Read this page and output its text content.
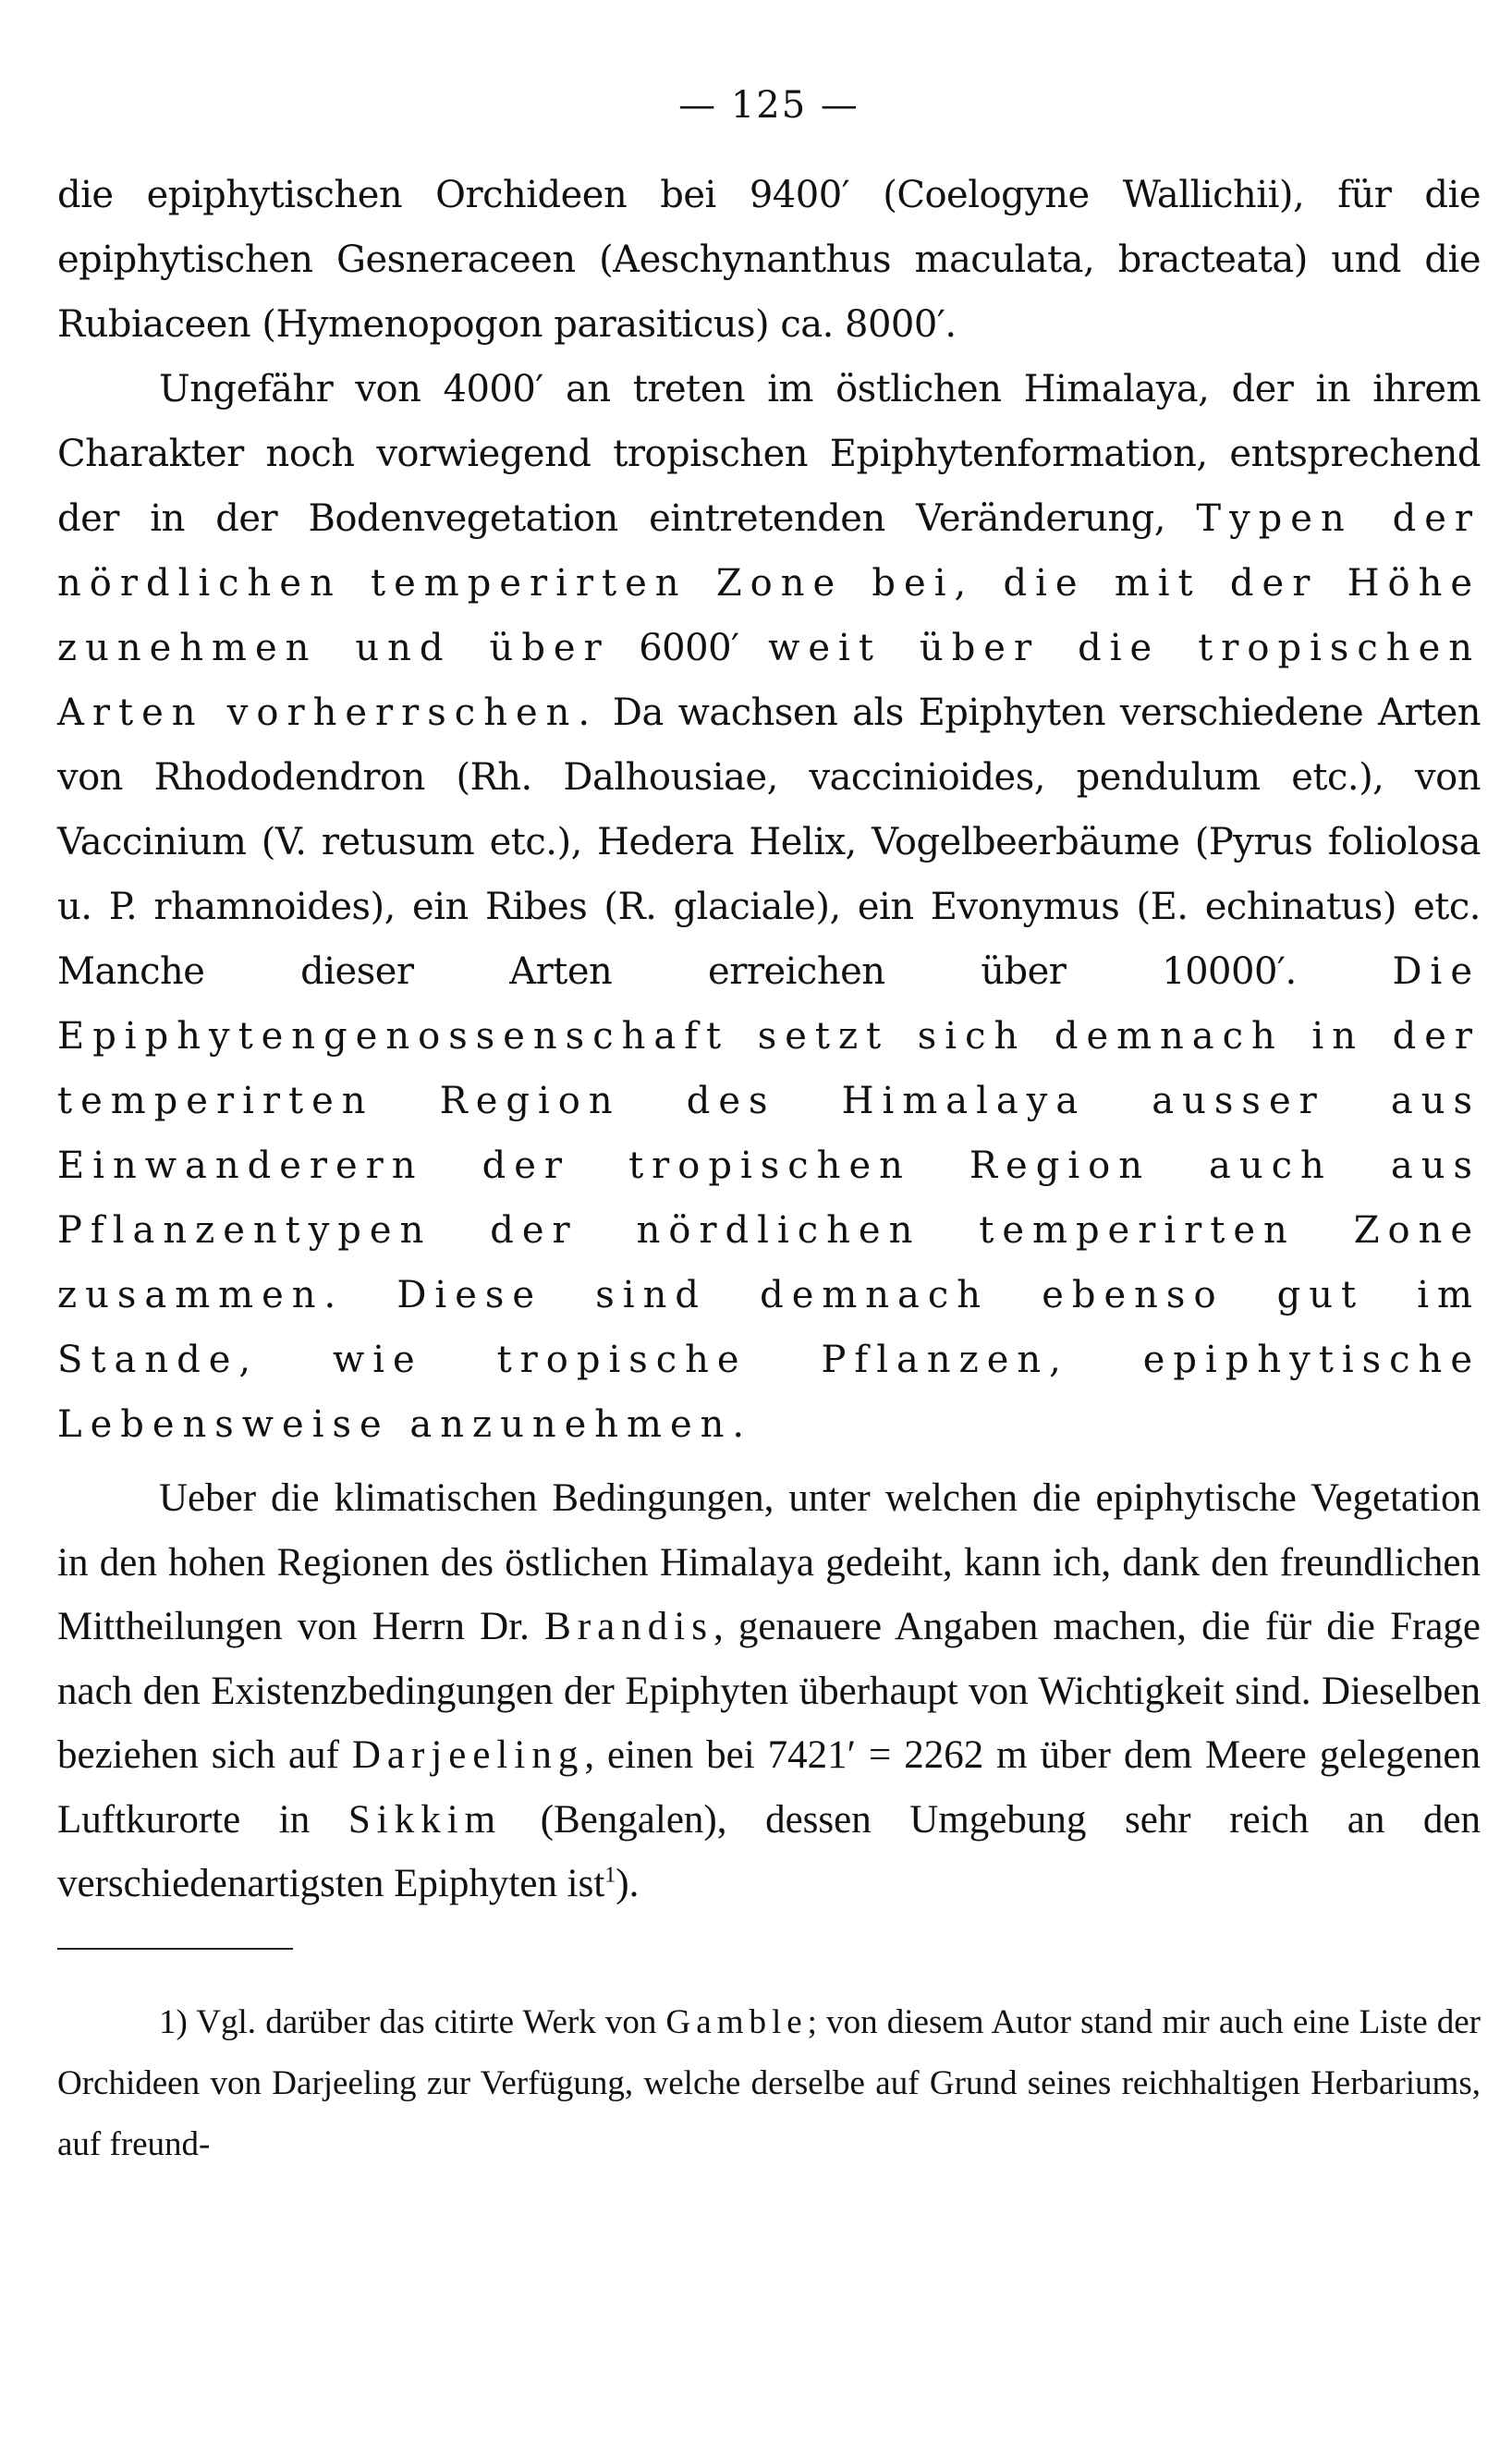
— 125 —

die epiphytischen Orchideen bei 9400′ (Coelogyne Wallichii), für die epiphytischen Gesneraceen (Aeschynanthus maculata, bracteata) und die Rubiaceen (Hymenopogon parasiticus) ca. 8000′.

Ungefähr von 4000′ an treten im östlichen Himalaya, der in ihrem Charakter noch vorwiegend tropischen Epiphytenformation, entsprechend der in der Bodenvegetation eintretenden Veränderung, Typen der nördlichen temperirten Zone bei, die mit der Höhe zunehmen und über 6000′ weit über die tropischen Arten vorherrschen. Da wachsen als Epiphyten verschiedene Arten von Rhododendron (Rh. Dalhousiae, vaccinioides, pendulum etc.), von Vaccinium (V. retusum etc.), Hedera Helix, Vogelbeerbäume (Pyrus foliolosa u. P. rhamnoides), ein Ribes (R. glaciale), ein Evonymus (E. echinatus) etc. Manche dieser Arten erreichen über 10000′.	Die Epiphytengenossenschaft setzt sich demnach in der temperirten Region des Himalaya ausser aus Einwanderern der tropischen Region auch aus Pflanzentypen der nördlichen temperirten Zone zusammen. Diese sind demnach ebenso gut im Stande, wie tropische Pflanzen, epiphytische Lebensweise anzunehmen.

Ueber die klimatischen Bedingungen, unter welchen die epiphytische Vegetation in den hohen Regionen des östlichen Himalaya gedeiht, kann ich, dank den freundlichen Mittheilungen von Herrn Dr. Brandis, genauere Angaben machen, die für die Frage nach den Existenzbedingungen der Epiphyten überhaupt von Wichtigkeit sind. Dieselben beziehen sich auf Darjeeling, einen bei 7421′ = 2262 m über dem Meere gelegenen Luftkurorte in Sikkim (Bengalen), dessen Umgebung sehr reich an den verschiedenartigsten Epiphyten ist$^1$).

1) Vgl. darüber das citirte Werk von Gamble; von diesem Autor stand mir auch eine Liste der Orchideen von Darjeeling zur Verfügung, welche derselbe auf Grund seines reichhaltigen Herbariums, auf freund-
